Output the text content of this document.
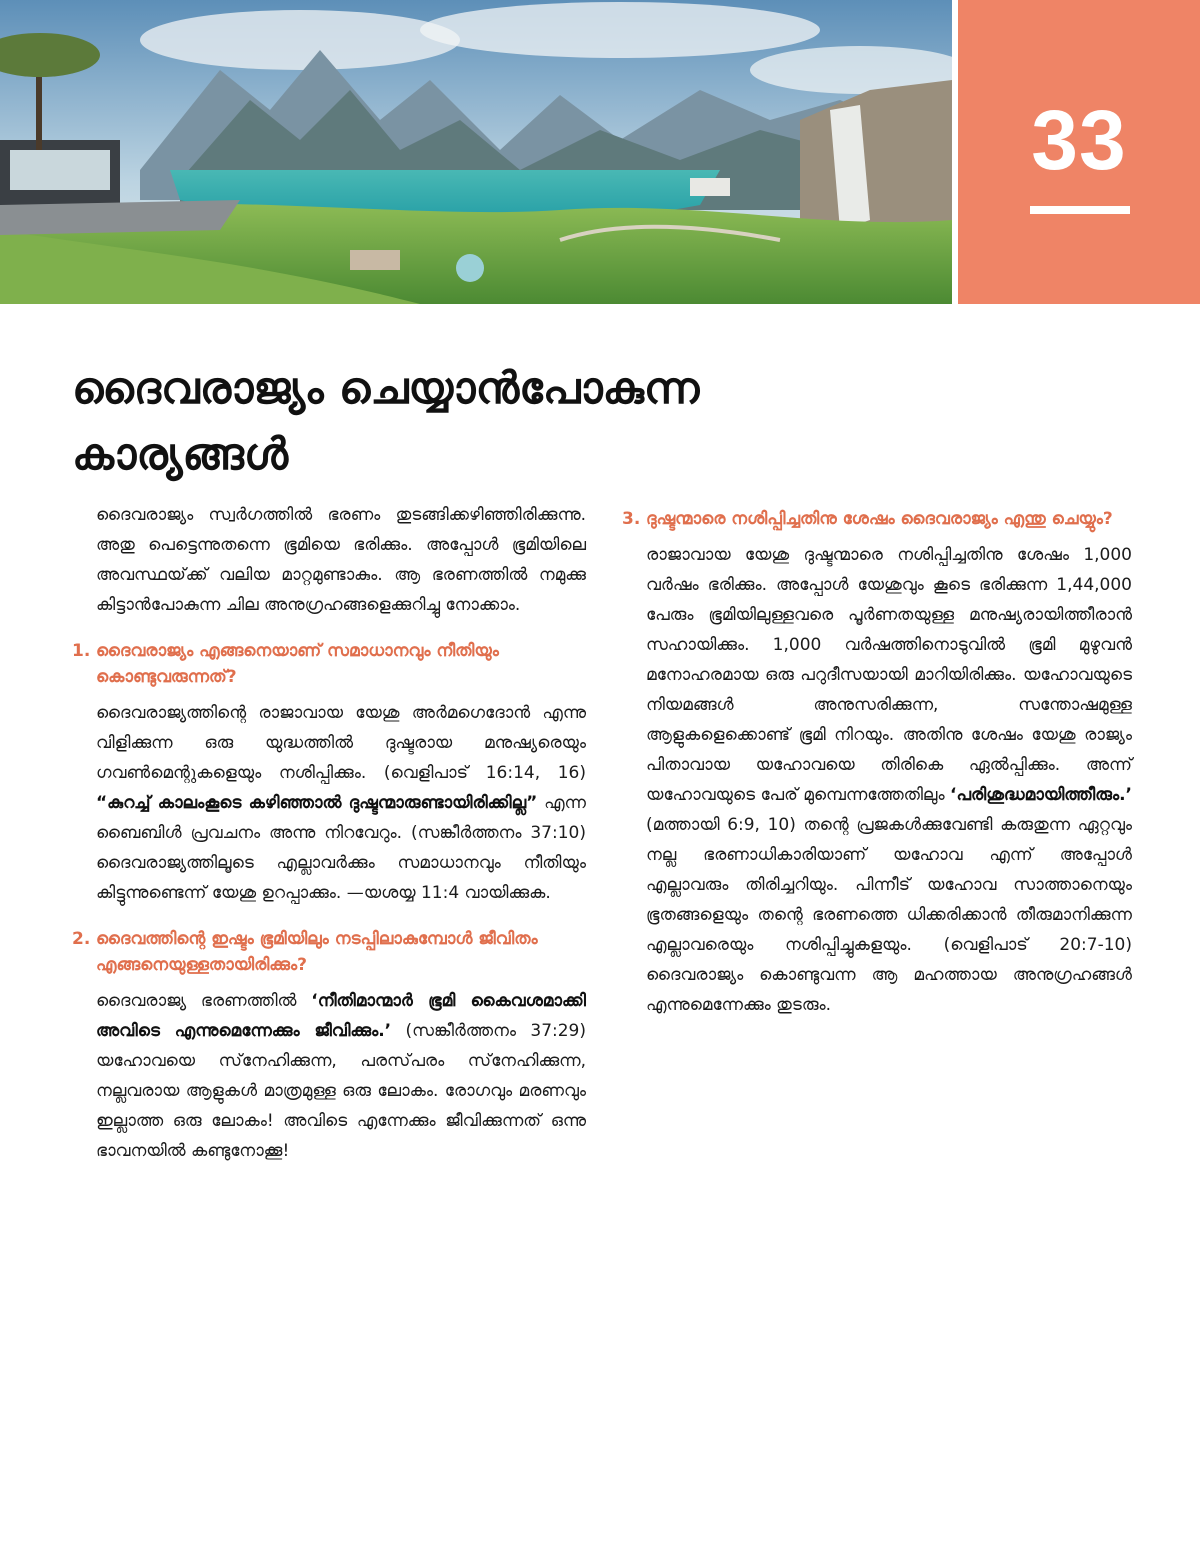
33
ദൈവരാജ്യം ചെയ്യാൻപോകുന്ന കാര്യങ്ങൾ

ദൈവരാജ്യം സ്വർഗത്തിൽ ഭരണം തുടങ്ങിക്കഴിഞ്ഞിരിക്കുന്നു. അതു പെട്ടെന്നുതന്നെ ഭൂമിയെ ഭരിക്കും. അപ്പോൾ ഭൂമിയിലെ അവസ്ഥയ്‌ക്ക്‌ വലിയ മാറ്റമുണ്ടാകും. ആ ഭരണത്തിൽ നമുക്കു കിട്ടാൻപോകുന്ന ചില അനുഗ്രഹങ്ങളെക്കുറിച്ചു നോക്കാം.

1. ദൈവരാജ്യം എങ്ങനെയാണ്‌ സമാധാനവും നീതിയും കൊണ്ടുവരുന്നത്‌?

ദൈവരാജ്യത്തിന്റെ രാജാവായ യേശു അർമഗെദോൻ എന്നു വിളിക്കുന്ന ഒരു യുദ്ധത്തിൽ ദുഷ്ടരായ മനുഷ്യരെയും ഗവൺമെന്റുകളെയും നശിപ്പിക്കും. (വെളിപാട്‌ 16:14, 16) “കുറച്ച്‌ കാലംകൂടെ കഴിഞ്ഞാൽ ദുഷ്ടന്മാരുണ്ടായിരിക്കില്ല” എന്ന ബൈബിൾ പ്രവചനം അന്നു നിറവേറും. (സങ്കീർത്തനം 37:10) ദൈവരാജ്യത്തിലൂടെ എല്ലാവർക്കും സമാധാനവും നീതിയും കിട്ടുന്നുണ്ടെന്ന്‌ യേശു ഉറപ്പാക്കും. —യശയ്യ 11:4 വായിക്കുക.

2. ദൈവത്തിന്റെ ഇഷ്ടം ഭൂമിയിലും നടപ്പിലാകുമ്പോൾ ജീവിതം എങ്ങനെയുള്ളതായിരിക്കും?

ദൈവരാജ്യ ഭരണത്തിൽ ‘നീതിമാന്മാർ ഭൂമി കൈവശമാക്കി അവിടെ എന്നുമെന്നേക്കും ജീവിക്കും.’ (സങ്കീർത്തനം 37:29) യഹോവയെ സ്‌നേഹിക്കുന്ന, പരസ്‌പരം സ്‌നേഹിക്കുന്ന, നല്ലവരായ ആളുകൾ മാത്രമുള്ള ഒരു ലോകം. രോഗവും മരണവും ഇല്ലാത്ത ഒരു ലോകം! അവിടെ എന്നേക്കും ജീവിക്കുന്നത്‌ ഒന്നു ഭാവനയിൽ കണ്ടുനോക്കൂ!

3. ദുഷ്ടന്മാരെ നശിപ്പിച്ചതിനു ശേഷം ദൈവരാജ്യം എന്തു ചെയ്യും?

രാജാവായ യേശു ദുഷ്ടന്മാരെ നശിപ്പിച്ചതിനു ശേഷം 1,000 വർഷം ഭരിക്കും. അപ്പോൾ യേശുവും കൂടെ ഭരിക്കുന്ന 1,44,000 പേരും ഭൂമിയിലുള്ളവരെ പൂർണതയുള്ള മനുഷ്യരായിത്തീരാൻ സഹായിക്കും. 1,000 വർഷത്തിനൊടുവിൽ ഭൂമി മുഴുവൻ മനോഹരമായ ഒരു പറുദീസയായി മാറിയിരിക്കും. യഹോവയുടെ നിയമങ്ങൾ അനുസരിക്കുന്ന, സന്തോഷമുള്ള ആളുകളെക്കൊണ്ട്‌ ഭൂമി നിറയും. അതിനു ശേഷം യേശു രാജ്യം പിതാവായ യഹോവയെ തിരികെ ഏൽപ്പിക്കും. അന്ന്‌ യഹോവയുടെ പേര്‌ മുമ്പെന്നത്തേതിലും ‘പരിശുദ്ധമായിത്തീരും.’ (മത്തായി 6:9, 10) തന്റെ പ്രജകൾക്കുവേണ്ടി കരുതുന്ന ഏറ്റവും നല്ല ഭരണാധികാരിയാണ്‌ യഹോവ എന്ന്‌ അപ്പോൾ എല്ലാവരും തിരിച്ചറിയും. പിന്നീട്‌ യഹോവ സാത്താനെയും ഭൂതങ്ങളെയും തന്റെ ഭരണത്തെ ധിക്കരിക്കാൻ തീരുമാനിക്കുന്ന എല്ലാവരെയും നശിപ്പിച്ചുകളയും. (വെളിപാട്‌ 20:7-10) ദൈവരാജ്യം കൊണ്ടുവന്ന ആ മഹത്തായ അനുഗ്രഹങ്ങൾ എന്നുമെന്നേക്കും തുടരും.
